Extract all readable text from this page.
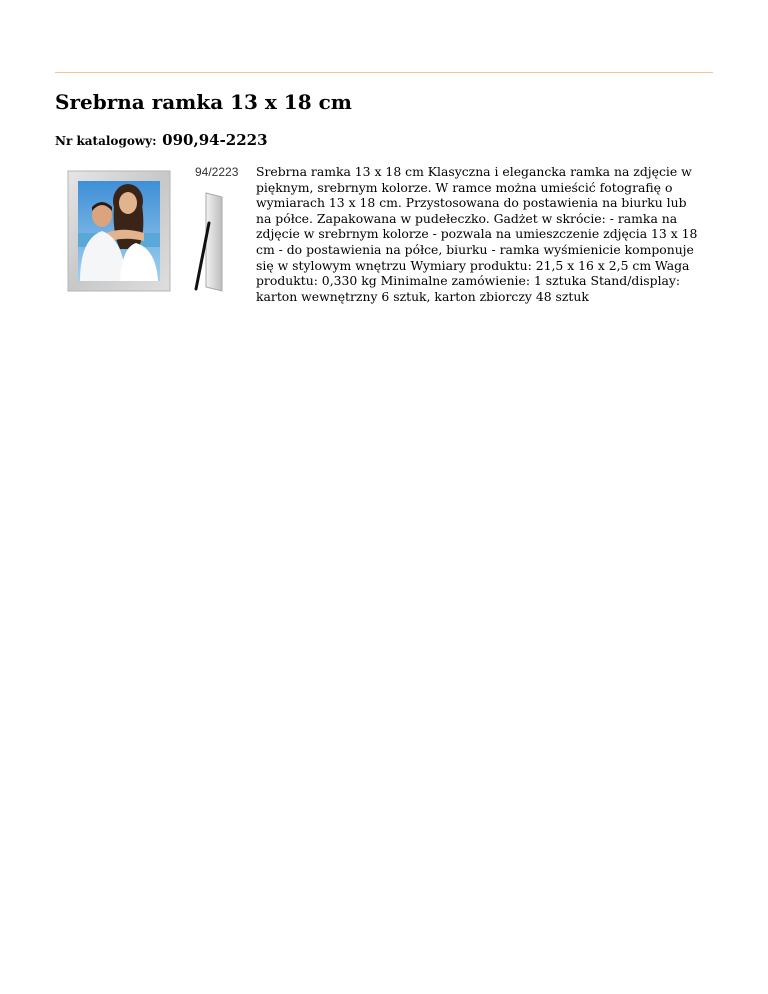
Srebrna ramka 13 x 18 cm
Nr katalogowy: 090,94-2223
94/2223 Srebrna ramka 13 x 18 cm Klasyczna i elegancka ramka na zdjęcie w pięknym, srebrnym kolorze. W ramce można umieścić fotografię o wymiarach 13 x 18 cm. Przystosowana do postawienia na biurku lub na półce. Zapakowana w pudełeczko. Gadżet w skrócie: - ramka na zdjęcie w srebrnym kolorze - pozwala na umieszczenie zdjęcia 13 x 18 cm - do postawienia na półce, biurku - ramka wyśmienicie komponuje się w stylowym wnętrzu Wymiary produktu: 21,5 x 16 x 2,5 cm Waga produktu: 0,330 kg Minimalne zamówienie: 1 sztuka Stand/display: karton wewnętrzny 6 sztuk, karton zbiorczy 48 sztuk
